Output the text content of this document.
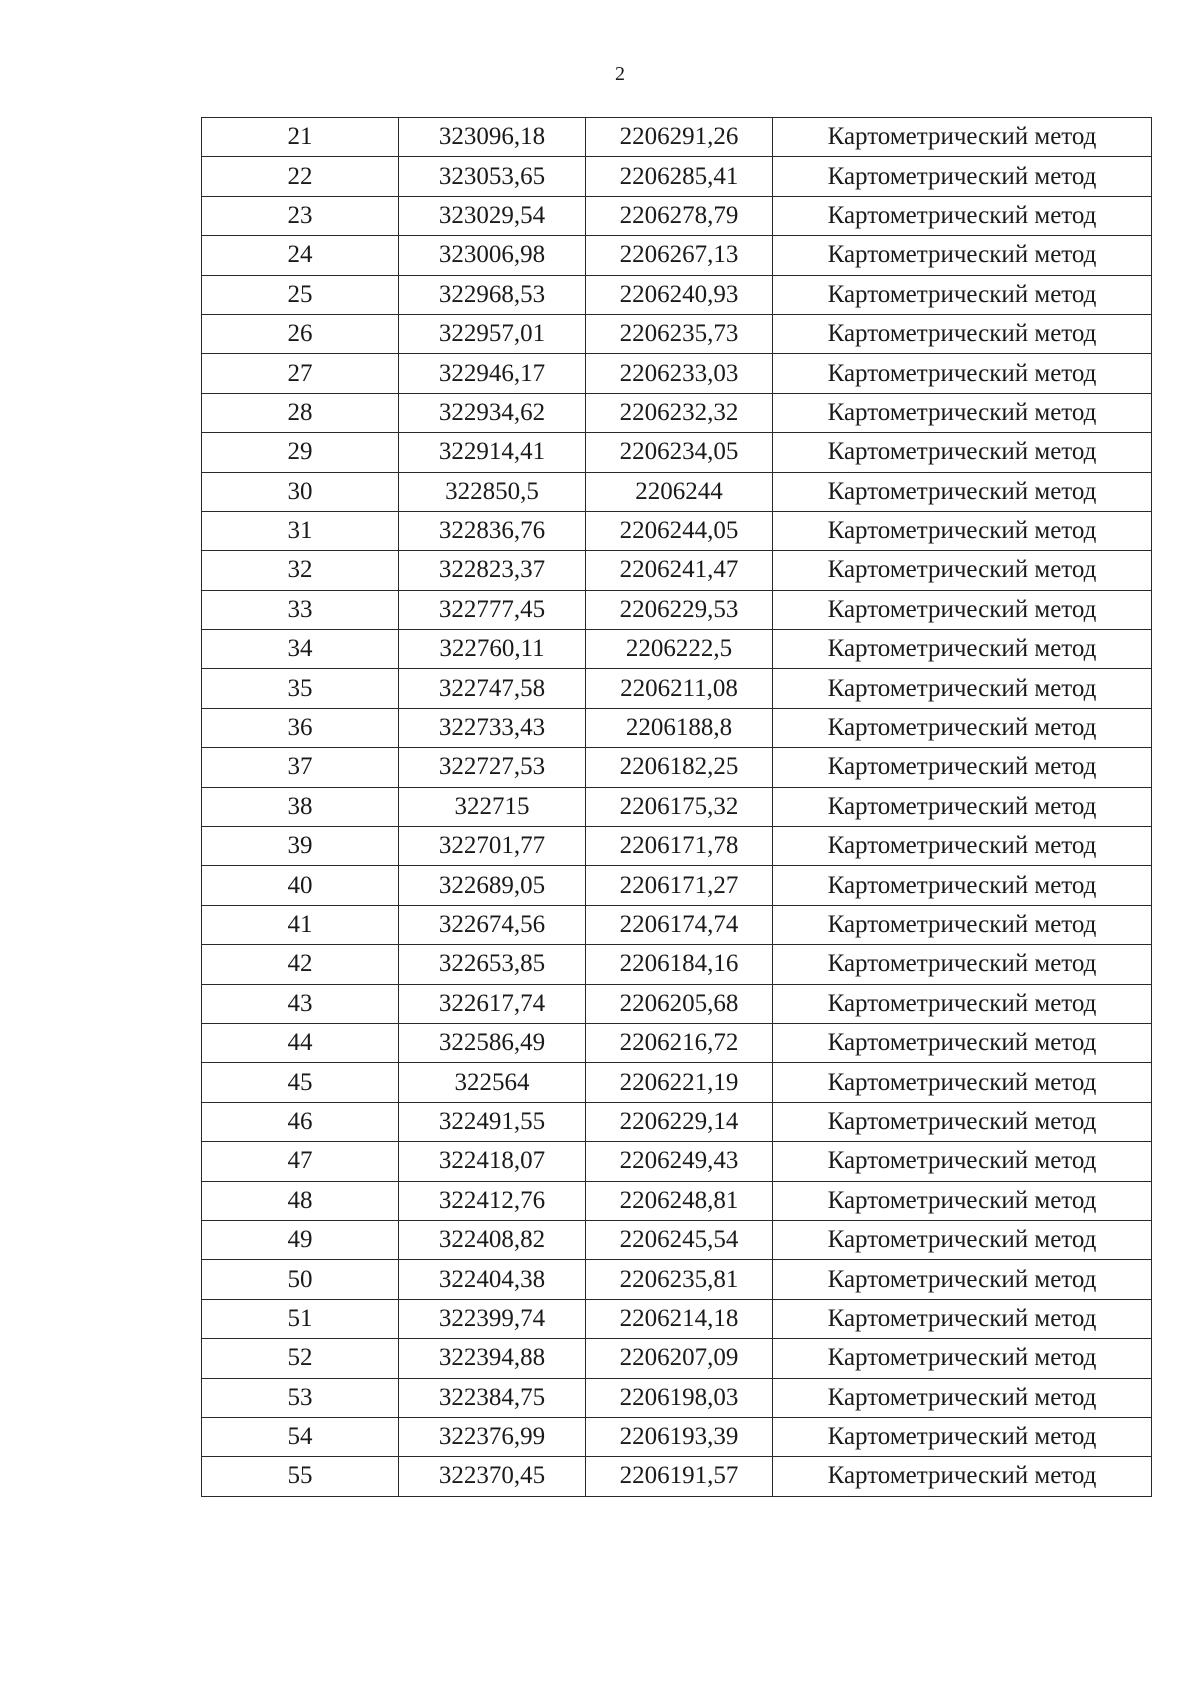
2
21	323096,18	2206291,26	Картометрический метод
22	323053,65	2206285,41	Картометрический метод
23	323029,54	2206278,79	Картометрический метод
24	323006,98	2206267,13	Картометрический метод
25	322968,53	2206240,93	Картометрический метод
26	322957,01	2206235,73	Картометрический метод
27	322946,17	2206233,03	Картометрический метод
28	322934,62	2206232,32	Картометрический метод
29	322914,41	2206234,05	Картометрический метод
30	322850,5	2206244	Картометрический метод
31	322836,76	2206244,05	Картометрический метод
32	322823,37	2206241,47	Картометрический метод
33	322777,45	2206229,53	Картометрический метод
34	322760,11	2206222,5	Картометрический метод
35	322747,58	2206211,08	Картометрический метод
36	322733,43	2206188,8	Картометрический метод
37	322727,53	2206182,25	Картометрический метод
38	322715	2206175,32	Картометрический метод
39	322701,77	2206171,78	Картометрический метод
40	322689,05	2206171,27	Картометрический метод
41	322674,56	2206174,74	Картометрический метод
42	322653,85	2206184,16	Картометрический метод
43	322617,74	2206205,68	Картометрический метод
44	322586,49	2206216,72	Картометрический метод
45	322564	2206221,19	Картометрический метод
46	322491,55	2206229,14	Картометрический метод
47	322418,07	2206249,43	Картометрический метод
48	322412,76	2206248,81	Картометрический метод
49	322408,82	2206245,54	Картометрический метод
50	322404,38	2206235,81	Картометрический метод
51	322399,74	2206214,18	Картометрический метод
52	322394,88	2206207,09	Картометрический метод
53	322384,75	2206198,03	Картометрический метод
54	322376,99	2206193,39	Картометрический метод
55	322370,45	2206191,57	Картометрический метод
